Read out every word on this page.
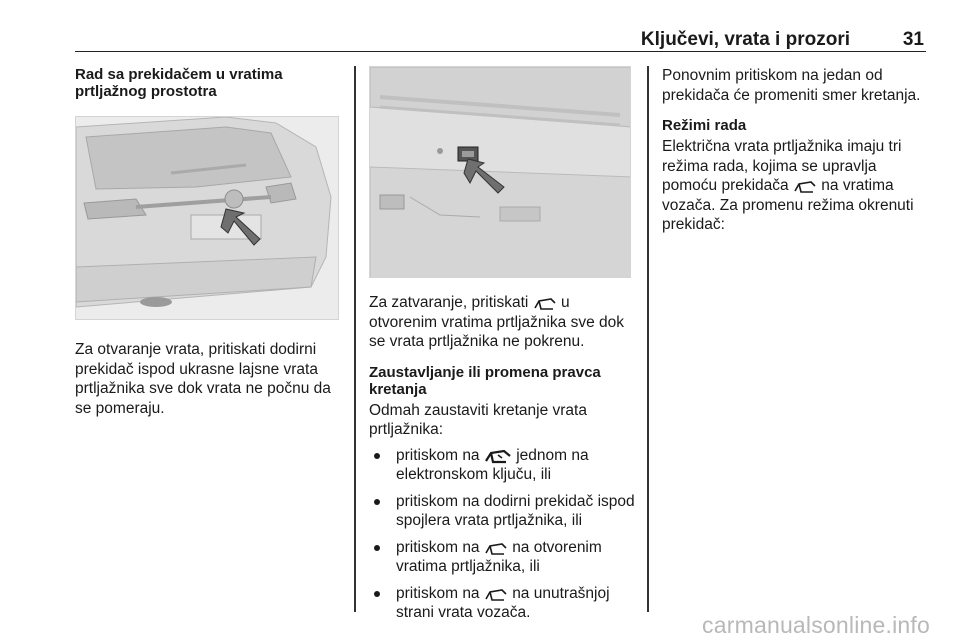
Ključevi, vrata i prozori	31
Rad sa prekidačem u vratima prtljažnog prostotra
Za otvaranje vrata, pritiskati dodirni prekidač ispod ukrasne lajsne vrata prtljažnika sve dok vrata ne počnu da se pomeraju.
Za zatvaranje, pritiskati u otvorenim vratima prtljažnika sve dok se vrata prtljažnika ne pokrenu.
Zaustavljanje ili promena pravca kretanja
Odmah zaustaviti kretanje vrata prtljažnika:
pritiskom na jednom na elektronskom ključu, ili
pritiskom na dodirni prekidač ispod spojlera vrata prtljažnika, ili
pritiskom na na otvorenim vratima prtljažnika, ili
pritiskom na na unutrašnjoj strani vrata vozača.
Ponovnim pritiskom na jedan od prekidača će promeniti smer kretanja.
Režimi rada
Električna vrata prtljažnika imaju tri režima rada, kojima se upravlja pomoću prekidača na vratima vozača. Za promenu režima okrenuti prekidač:
carmanualsonline.info
